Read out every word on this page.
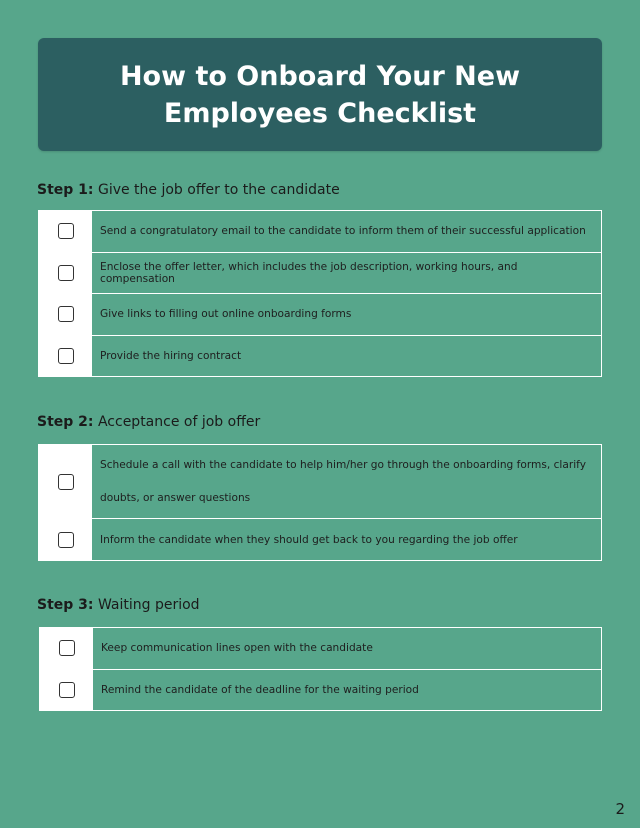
How to Onboard Your New Employees Checklist

Step 1: Give the job offer to the candidate

Send a congratulatory email to the candidate to inform them of their successful application
Enclose the offer letter, which includes the job description, working hours, and compensation
Give links to filling out online onboarding forms
Provide the hiring contract

Step 2: Acceptance of job offer

Schedule a call with the candidate to help him/her go through the onboarding forms, clarify doubts, or answer questions
Inform the candidate when they should get back to you regarding the job offer

Step 3: Waiting period

Keep communication lines open with the candidate
Remind the candidate of the deadline for the waiting period
2
